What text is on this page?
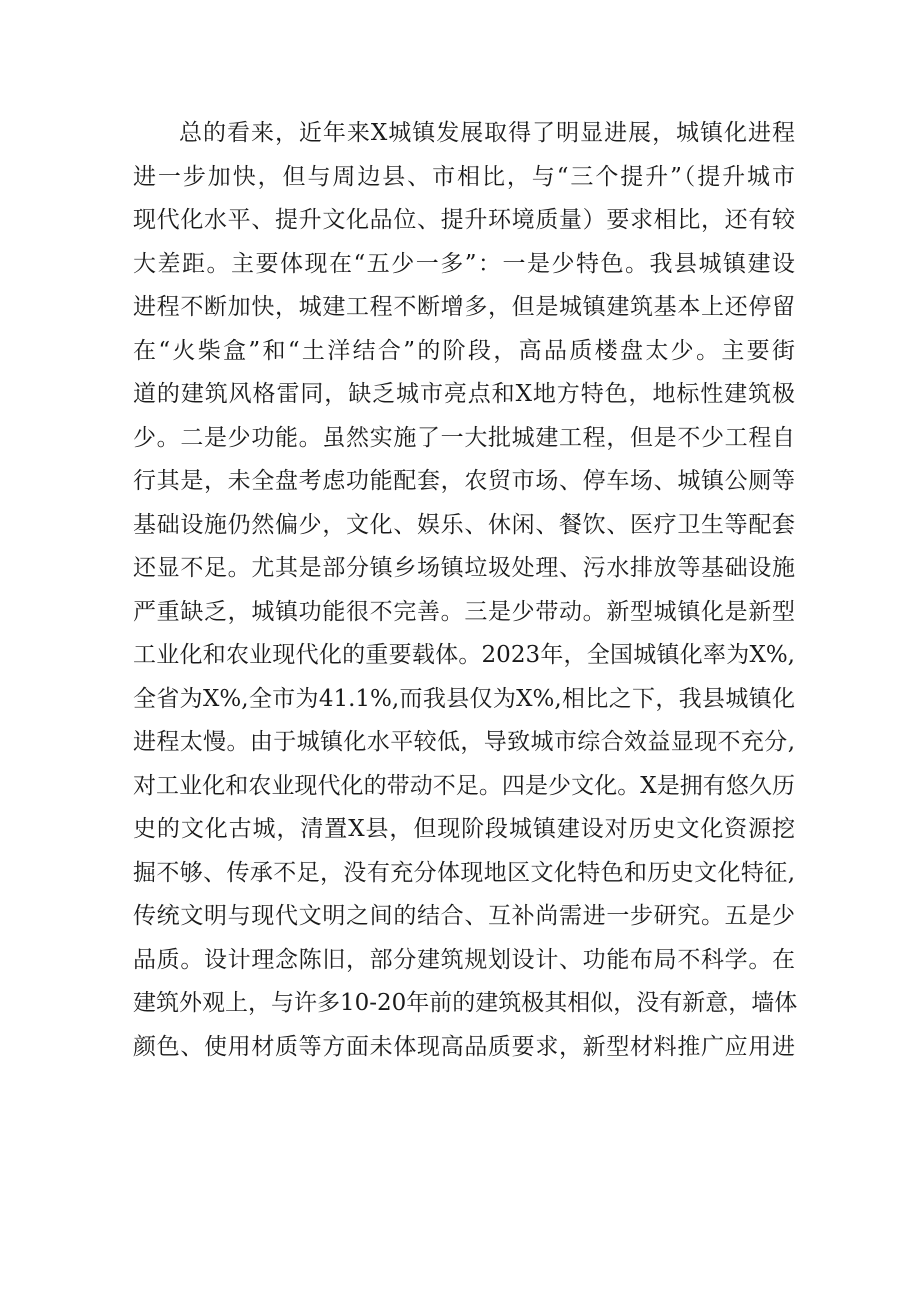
总的看来，近年来X城镇发展取得了明显进展，城镇化进程
进一步加快，但与周边县、市相比，与“三个提升”（提升城市
现代化水平、提升文化品位、提升环境质量）要求相比，还有较
大差距。主要体现在“五少一多”：一是少特色。我县城镇建设
进程不断加快，城建工程不断增多，但是城镇建筑基本上还停留
在“火柴盒”和“土洋结合”的阶段，高品质楼盘太少。主要街
道的建筑风格雷同，缺乏城市亮点和X地方特色，地标性建筑极
少。二是少功能。虽然实施了一大批城建工程，但是不少工程自
行其是，未全盘考虑功能配套，农贸市场、停车场、城镇公厕等
基础设施仍然偏少，文化、娱乐、休闲、餐饮、医疗卫生等配套
还显不足。尤其是部分镇乡场镇垃圾处理、污水排放等基础设施
严重缺乏，城镇功能很不完善。三是少带动。新型城镇化是新型
工业化和农业现代化的重要载体。2023年，全国城镇化率为X%,
全省为X%,全市为41.1%,而我县仅为X%,相比之下，我县城镇化
进程太慢。由于城镇化水平较低，导致城市综合效益显现不充分,
对工业化和农业现代化的带动不足。四是少文化。X是拥有悠久历
史的文化古城，清置X县，但现阶段城镇建设对历史文化资源挖
掘不够、传承不足，没有充分体现地区文化特色和历史文化特征,
传统文明与现代文明之间的结合、互补尚需进一步研究。五是少
品质。设计理念陈旧，部分建筑规划设计、功能布局不科学。在
建筑外观上，与许多10-20年前的建筑极其相似，没有新意，墙体
颜色、使用材质等方面未体现高品质要求，新型材料推广应用进
